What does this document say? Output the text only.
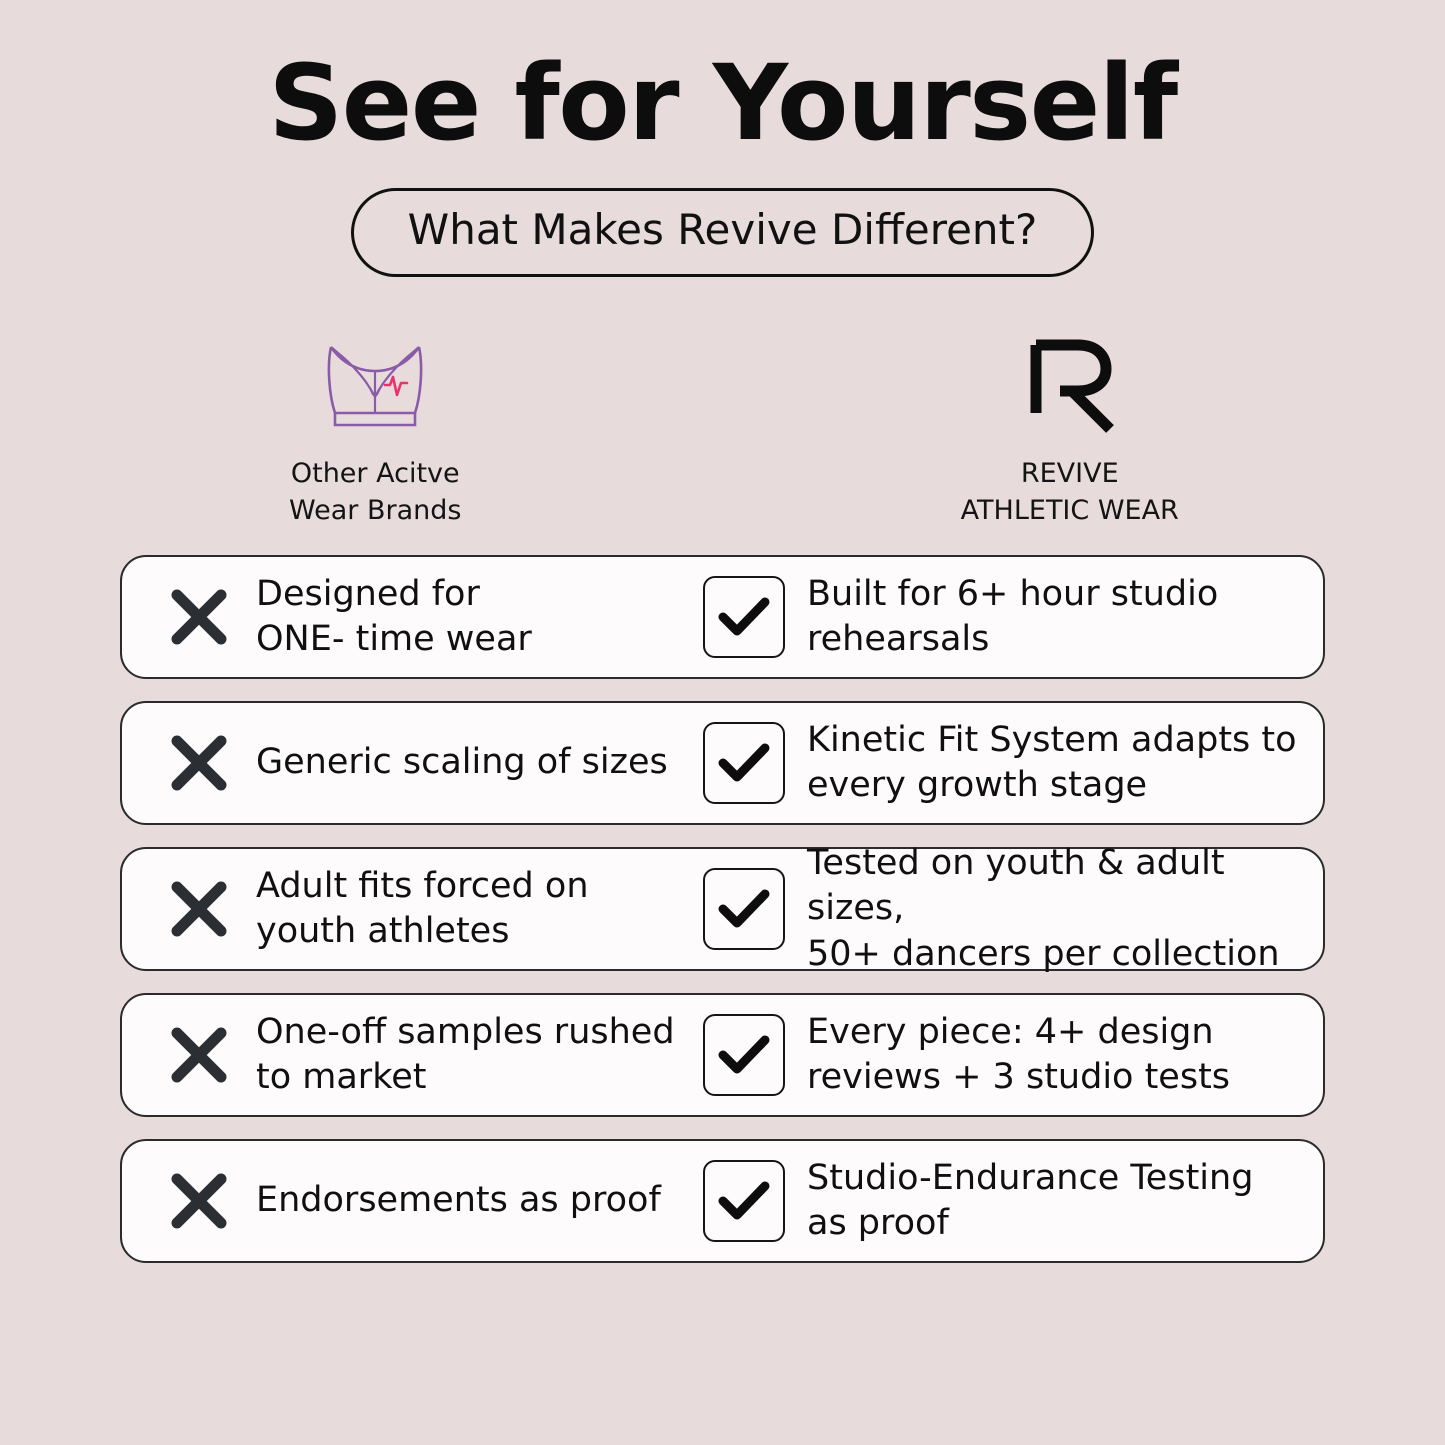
See for Yourself
What Makes Revive Different?
Other Acitve
Wear Brands
REVIVE
ATHLETIC WEAR
Designed for
ONE- time wear
Built for 6+ hour studio
rehearsals
Generic scaling of sizes
Kinetic Fit System adapts to
every growth stage
Adult fits forced on
youth athletes
Tested on youth & adult sizes,
50+ dancers per collection
One-off samples rushed
to market
Every piece: 4+ design
reviews + 3 studio tests
Endorsements as proof
Studio-Endurance Testing
as proof
